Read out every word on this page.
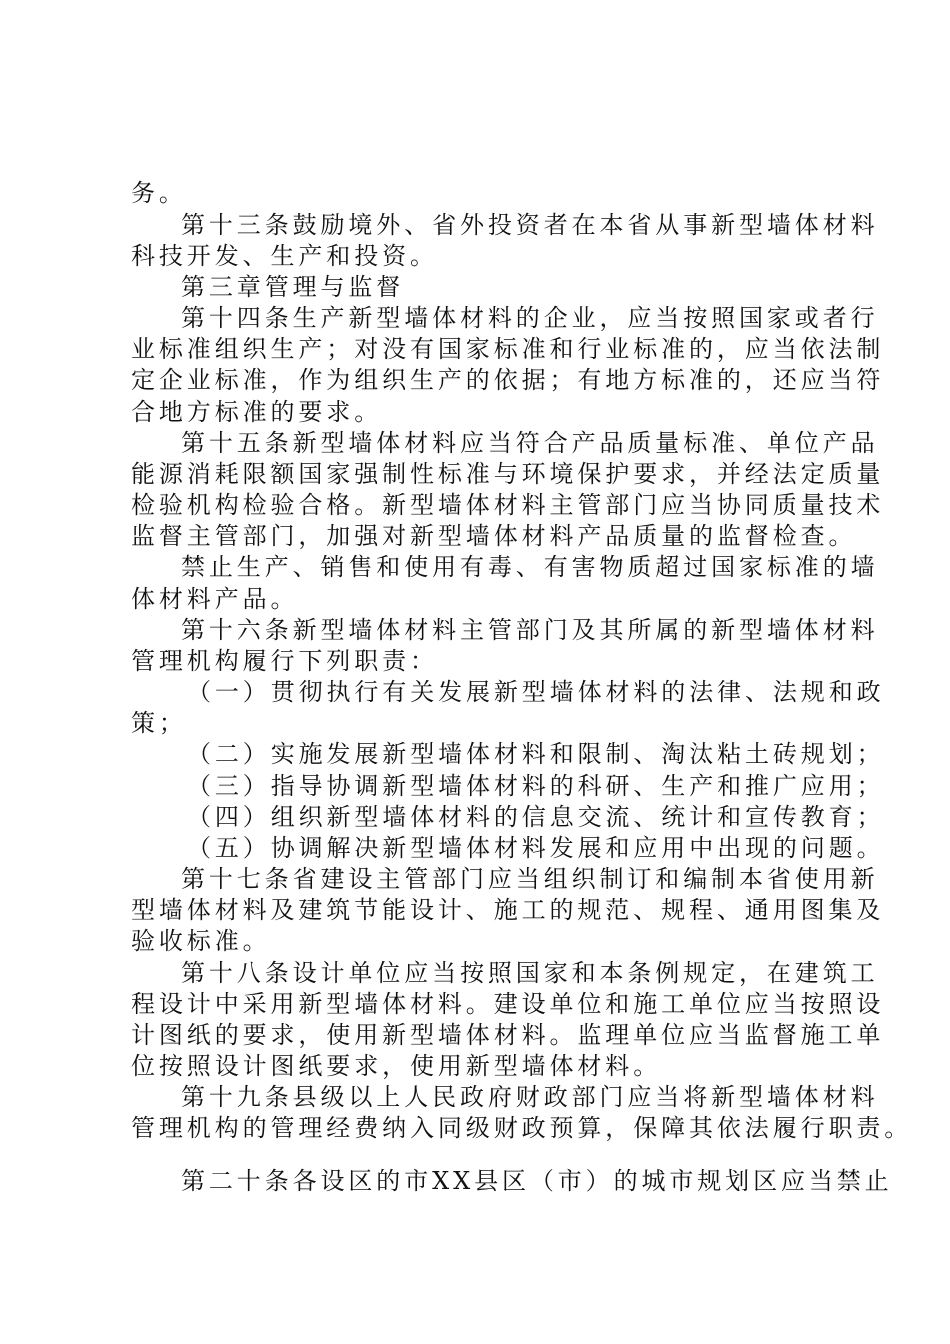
务。
第十三条鼓励境外、省外投资者在本省从事新型墙体材料
科技开发、生产和投资。
第三章管理与监督
第十四条生产新型墙体材料的企业，应当按照国家或者行
业标准组织生产；对没有国家标准和行业标准的，应当依法制
定企业标准，作为组织生产的依据；有地方标准的，还应当符
合地方标准的要求。
第十五条新型墙体材料应当符合产品质量标准、单位产品
能源消耗限额国家强制性标准与环境保护要求，并经法定质量
检验机构检验合格。新型墙体材料主管部门应当协同质量技术
监督主管部门，加强对新型墙体材料产品质量的监督检查。
禁止生产、销售和使用有毒、有害物质超过国家标准的墙
体材料产品。
第十六条新型墙体材料主管部门及其所属的新型墙体材料
管理机构履行下列职责：
（一）贯彻执行有关发展新型墙体材料的法律、法规和政
策；
（二）实施发展新型墙体材料和限制、淘汰粘土砖规划；
（三）指导协调新型墙体材料的科研、生产和推广应用；
（四）组织新型墙体材料的信息交流、统计和宣传教育；
（五）协调解决新型墙体材料发展和应用中出现的问题。
第十七条省建设主管部门应当组织制订和编制本省使用新
型墙体材料及建筑节能设计、施工的规范、规程、通用图集及
验收标准。
第十八条设计单位应当按照国家和本条例规定，在建筑工
程设计中采用新型墙体材料。建设单位和施工单位应当按照设
计图纸的要求，使用新型墙体材料。监理单位应当监督施工单
位按照设计图纸要求，使用新型墙体材料。
第十九条县级以上人民政府财政部门应当将新型墙体材料
管理机构的管理经费纳入同级财政预算，保障其依法履行职责。
第二十条各设区的市XX县区（市）的城市规划区应当禁止
